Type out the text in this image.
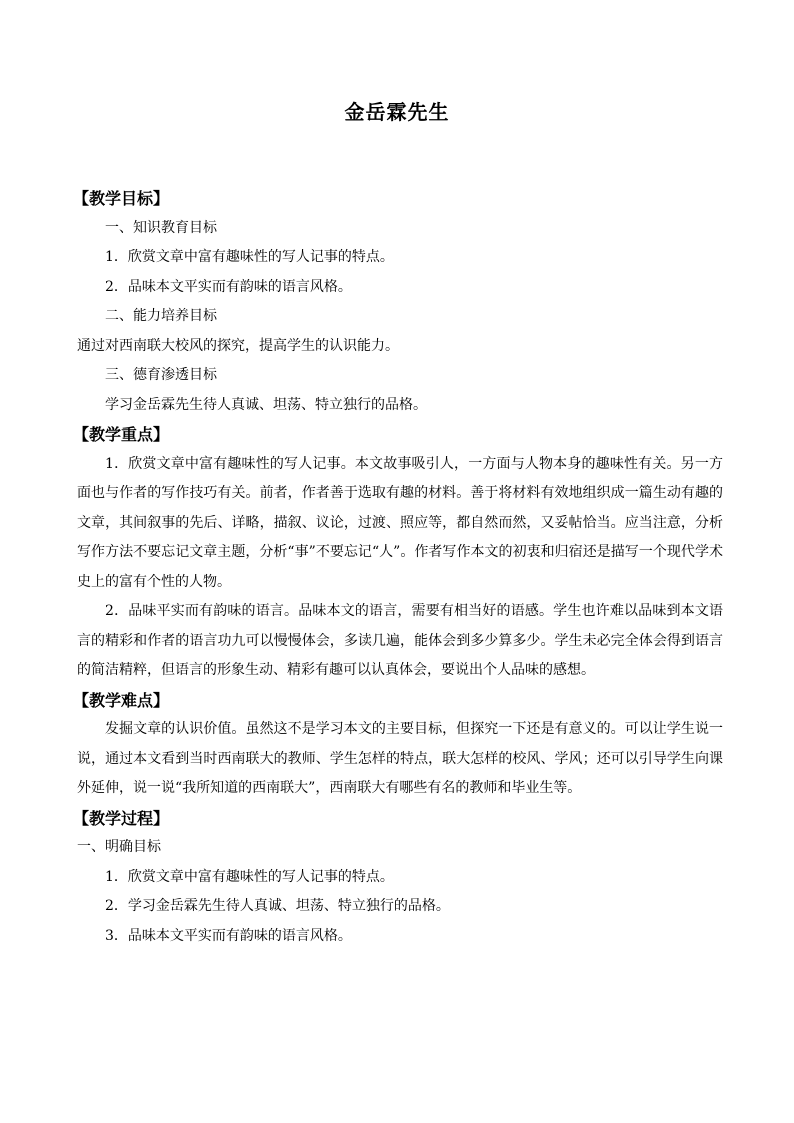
金岳霖先生

【教学目标】

一、知识教育目标

1．欣赏文章中富有趣味性的写人记事的特点。

2．品味本文平实而有韵味的语言风格。

二、能力培养目标

通过对西南联大校风的探究，提高学生的认识能力。

三、德育渗透目标

学习金岳霖先生待人真诚、坦荡、特立独行的品格。

【教学重点】

1．欣赏文章中富有趣味性的写人记事。本文故事吸引人，一方面与人物本身的趣味性有关。另一方面也与作者的写作技巧有关。前者，作者善于选取有趣的材料。善于将材料有效地组织成一篇生动有趣的文章，其间叙事的先后、详略，描叙、议论，过渡、照应等，都自然而然，又妥帖恰当。应当注意，分析写作方法不要忘记文章主题，分析“事”不要忘记“人”。作者写作本文的初衷和归宿还是描写一个现代学术史上的富有个性的人物。

2．品味平实而有韵味的语言。品味本文的语言，需要有相当好的语感。学生也许难以品味到本文语言的精彩和作者的语言功九可以慢慢体会，多读几遍，能体会到多少算多少。学生未必完全体会得到语言的简洁精粹，但语言的形象生动、精彩有趣可以认真体会，要说出个人品味的感想。

【教学难点】

发掘文章的认识价值。虽然这不是学习本文的主要目标，但探究一下还是有意义的。可以让学生说一说，通过本文看到当时西南联大的教师、学生怎样的特点，联大怎样的校风、学风；还可以引导学生向课外延伸，说一说“我所知道的西南联大”，西南联大有哪些有名的教师和毕业生等。

【教学过程】

一、明确目标

1．欣赏文章中富有趣味性的写人记事的特点。

2．学习金岳霖先生待人真诚、坦荡、特立独行的品格。

3．品味本文平实而有韵味的语言风格。
